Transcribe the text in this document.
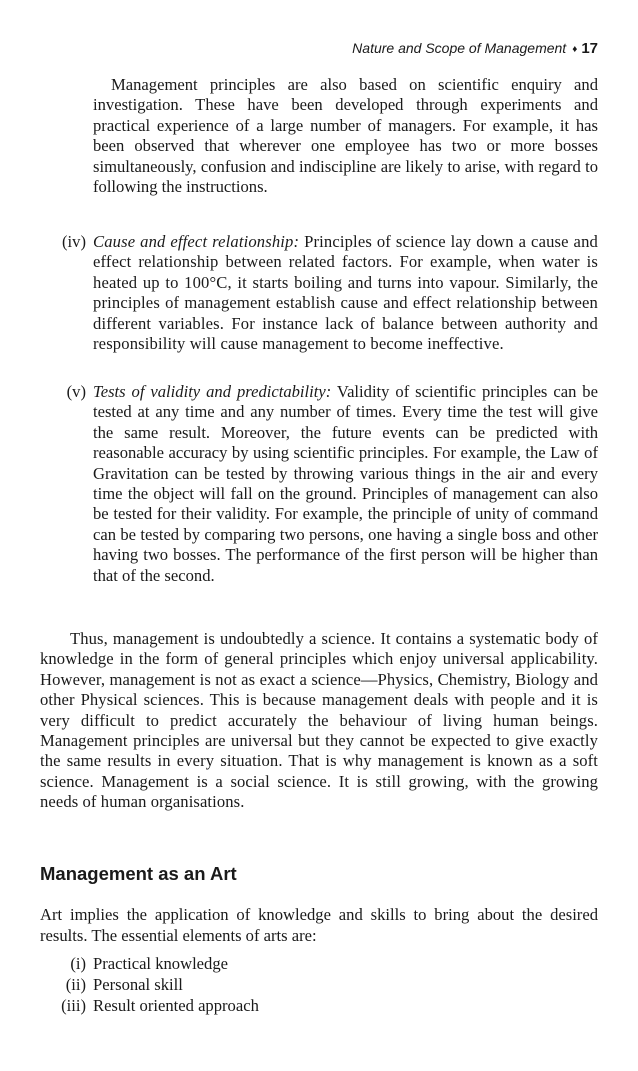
Nature and Scope of Management ♦ 17

Management principles are also based on scientific enquiry and investigation. These have been developed through experiments and practical experience of a large number of managers. For example, it has been observed that wherever one employee has two or more bosses simultaneously, confusion and indiscipline are likely to arise, with regard to following the instructions.

(iv) Cause and effect relationship: Principles of science lay down a cause and effect relationship between related factors. For example, when water is heated up to 100°C, it starts boiling and turns into vapour. Similarly, the principles of management establish cause and effect relationship between different variables. For instance lack of balance between authority and responsibility will cause management to become ineffective.
(v) Tests of validity and predictability: Validity of scientific principles can be tested at any time and any number of times. Every time the test will give the same result. Moreover, the future events can be predicted with reasonable accuracy by using scientific principles. For example, the Law of Gravitation can be tested by throwing various things in the air and every time the object will fall on the ground. Principles of management can also be tested for their validity. For example, the principle of unity of command can be tested by comparing two persons, one having a single boss and other having two bosses. The performance of the first person will be higher than that of the second.

Thus, management is undoubtedly a science. It contains a systematic body of knowledge in the form of general principles which enjoy universal applicability. However, management is not as exact a science—Physics, Chemistry, Biology and other Physical sciences. This is because management deals with people and it is very difficult to predict accurately the behaviour of living human beings. Management principles are universal but they cannot be expected to give exactly the same results in every situation. That is why management is known as a soft science. Management is a social science. It is still growing, with the growing needs of human organisations.

Management as an Art

Art implies the application of knowledge and skills to bring about the desired results. The essential elements of arts are:

(i) Practical knowledge
(ii) Personal skill
(iii) Result oriented approach
